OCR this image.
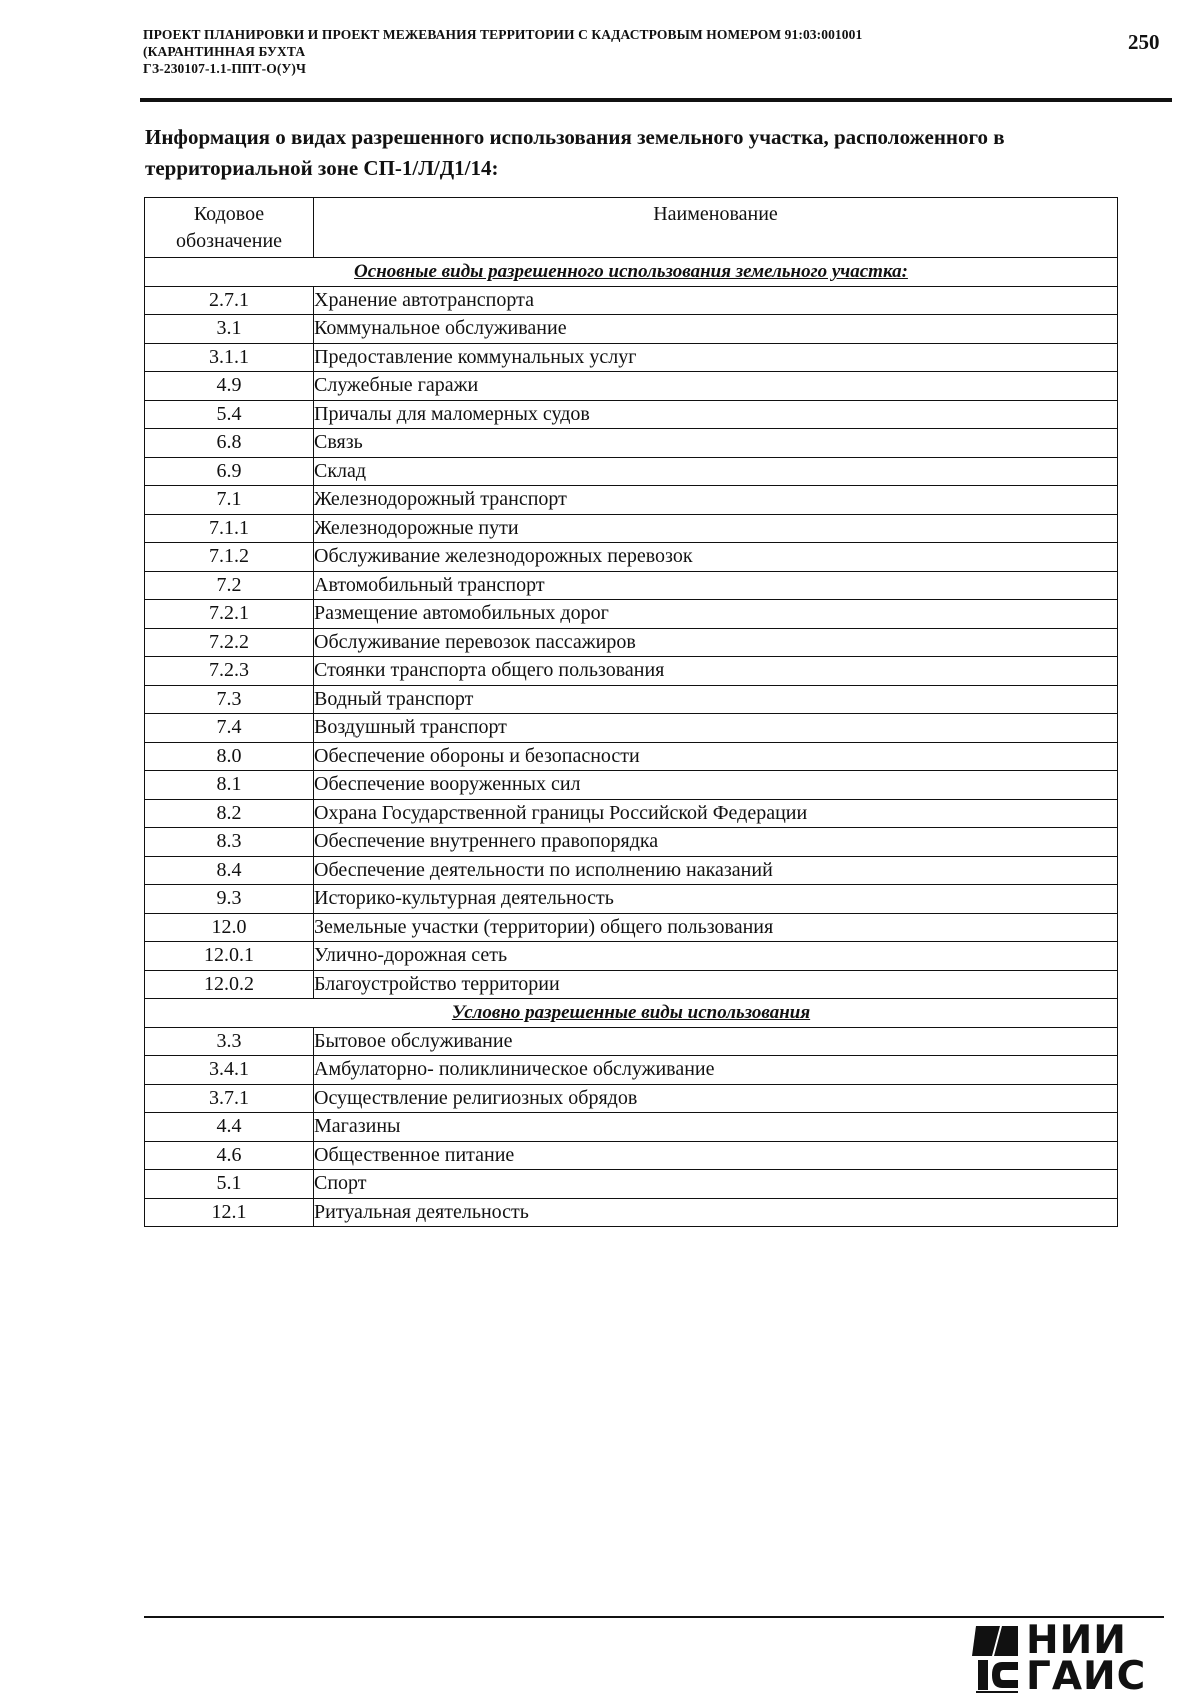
ПРОЕКТ ПЛАНИРОВКИ И ПРОЕКТ МЕЖЕВАНИЯ ТЕРРИТОРИИ С КАДАСТРОВЫМ НОМЕРОМ 91:03:001001
(КАРАНТИННАЯ БУХТА
ГЗ-230107-1.1-ППТ-О(У)Ч
250
Информация о видах разрешенного использования земельного участка, расположенного в территориальной зоне СП-1/Л/Д1/14:
Кодовое обозначение	Наименование
Основные виды разрешенного использования земельного участка:	
2.7.1	Хранение автотранспорта
3.1	Коммунальное обслуживание
3.1.1	Предоставление коммунальных услуг
4.9	Служебные гаражи
5.4	Причалы для маломерных судов
6.8	Связь
6.9	Склад
7.1	Железнодорожный транспорт
7.1.1	Железнодорожные пути
7.1.2	Обслуживание железнодорожных перевозок
7.2	Автомобильный транспорт
7.2.1	Размещение автомобильных дорог
7.2.2	Обслуживание перевозок пассажиров
7.2.3	Стоянки транспорта общего пользования
7.3	Водный транспорт
7.4	Воздушный транспорт
8.0	Обеспечение обороны и безопасности
8.1	Обеспечение вооруженных сил
8.2	Охрана Государственной границы Российской Федерации
8.3	Обеспечение внутреннего правопорядка
8.4	Обеспечение деятельности по исполнению наказаний
9.3	Историко-культурная деятельность
12.0	Земельные участки (территории) общего пользования
12.0.1	Улично-дорожная сеть
12.0.2	Благоустройство территории
Условно разрешенные виды использования	
3.3	Бытовое обслуживание
3.4.1	Амбулаторно- поликлиническое обслуживание
3.7.1	Осуществление религиозных обрядов
4.4	Магазины
4.6	Общественное питание
5.1	Спорт
12.1	Ритуальная деятельность
НИИ
ГАИС
